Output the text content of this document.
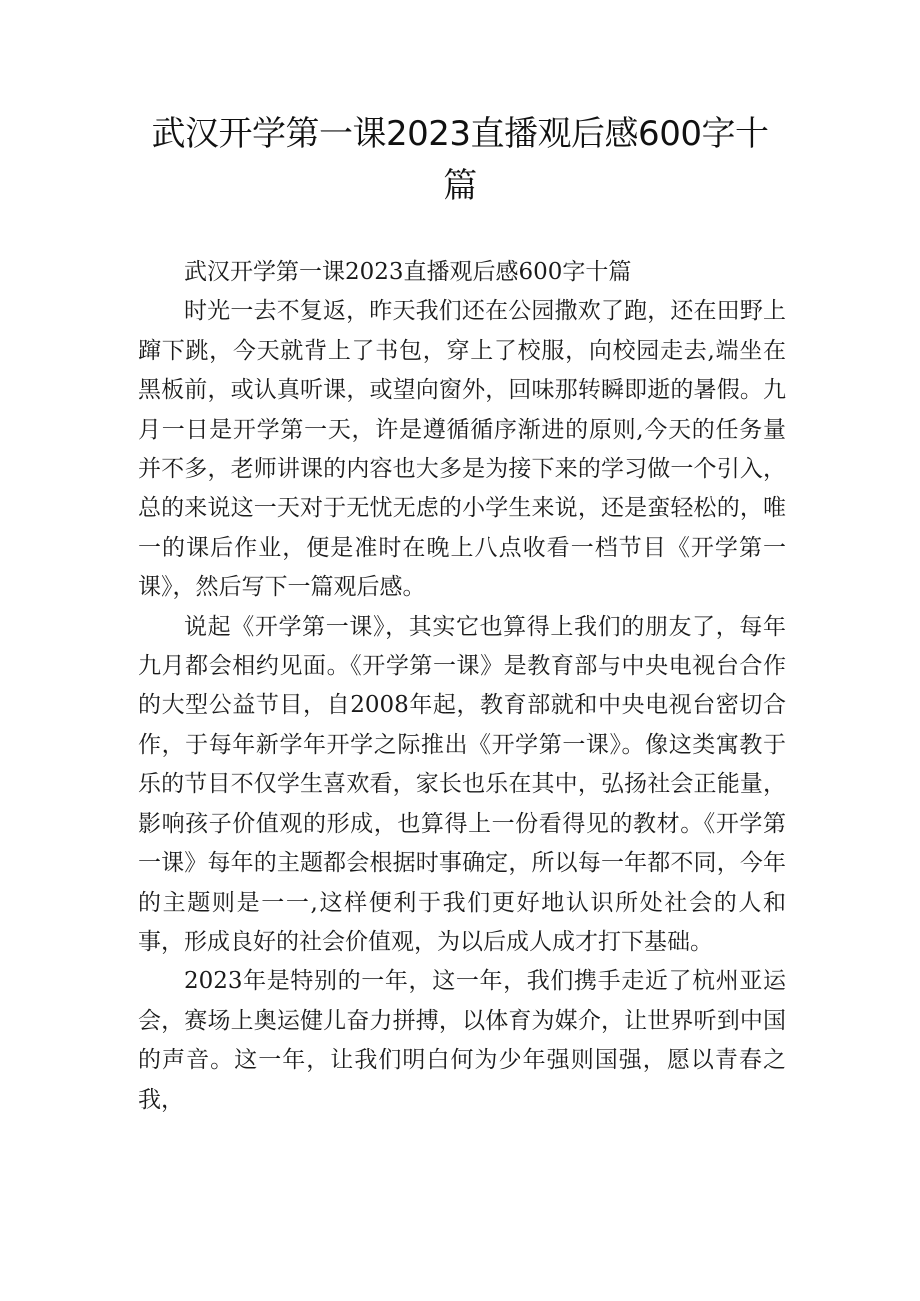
武汉开学第一课2023直播观后感600字十篇

武汉开学第一课2023直播观后感600字十篇

时光一去不复返，昨天我们还在公园撒欢了跑，还在田野上蹿下跳，今天就背上了书包，穿上了校服，向校园走去,端坐在黑板前，或认真听课，或望向窗外，回味那转瞬即逝的暑假。九月一日是开学第一天，许是遵循循序渐进的原则,今天的任务量并不多，老师讲课的内容也大多是为接下来的学习做一个引入，总的来说这一天对于无忧无虑的小学生来说，还是蛮轻松的，唯一的课后作业，便是准时在晚上八点收看一档节目《开学第一课》，然后写下一篇观后感。

说起《开学第一课》，其实它也算得上我们的朋友了，每年九月都会相约见面。《开学第一课》是教育部与中央电视台合作的大型公益节目，自2008年起，教育部就和中央电视台密切合作，于每年新学年开学之际推出《开学第一课》。像这类寓教于乐的节目不仅学生喜欢看，家长也乐在其中，弘扬社会正能量，影响孩子价值观的形成，也算得上一份看得见的教材。《开学第一课》每年的主题都会根据时事确定，所以每一年都不同，今年的主题则是一一,这样便利于我们更好地认识所处社会的人和事，形成良好的社会价值观，为以后成人成才打下基础。

2023年是特别的一年，这一年，我们携手走近了杭州亚运会，赛场上奥运健儿奋力拼搏，以体育为媒介，让世界听到中国的声音。这一年，让我们明白何为少年强则国强，愿以青春之我，
